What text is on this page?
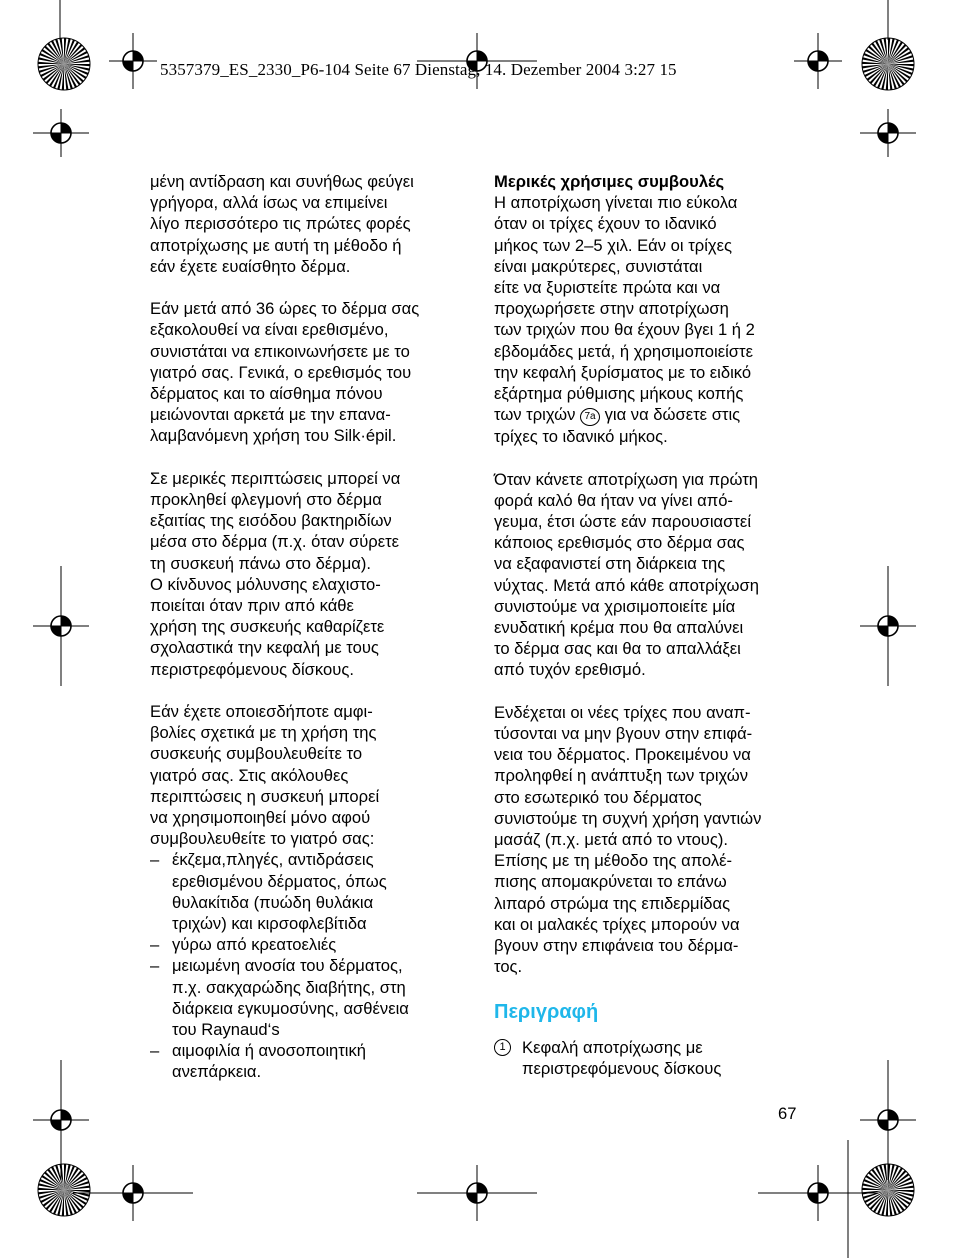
5357379_ES_2330_P6-104 Seite 67 Dienstag, 14. Dezember 2004 3:27 15
μένη αντίδραση και συνήθως φεύγει
γρήγορα, αλλά ίσως να επιμείνει
λίγο περισσότερο τις πρώτες φορές
αποτρίχωσης με αυτή τη μέθοδο ή
εάν έχετε ευαίσθητο δέρμα.
Εάν μετά από 36 ώρες το δέρμα σας
εξακολουθεί να είναι ερεθισμένο,
συνιστάται να επικοινωνήσετε με το
γιατρό σας. Γενικά, ο ερεθισμός του
δέρματος και το αίσθημα πόνου
μειώνονται αρκετά με την επανα-
λαμβανόμενη χρήση του Silk·épil.
Σε μερικές περιπτώσεις μπορεί να
προκληθεί φλεγμονή στο δέρμα
εξαιτίας της εισόδου βακτηριδίων
μέσα στο δέρμα (π.χ. όταν σύρετε
τη συσκευή πάνω στο δέρμα).
Ο κίνδυνος μόλυνσης ελαχιστο-
ποιείται όταν πριν από κάθε
χρήση της συσκευής καθαρίζετε
σχολαστικά την κεφαλή με τους
περιστρεφόμενους δίσκους.
Εάν έχετε οποιεσδήποτε αμφι-
βολίες σχετικά με τη χρήση της
συσκευής συμβουλευθείτε το
γιατρό σας. Στις ακόλουθες
περιπτώσεις η συσκευή μπορεί
να χρησιμοποιηθεί μόνο αφού
συμβουλευθείτε το γιατρό σας:
– έκζεμα,πληγές, αντιδράσεις
ερεθισμένου δέρματος, όπως
θυλακίτιδα (πυώδη θυλάκια
τριχών) και κιρσοφλεβίτιδα
– γύρω από κρεατοελιές
– μειωμένη ανοσία του δέρματος,
π.χ. σακχαρώδης διαβήτης, στη
διάρκεια εγκυμοσύνης, ασθένεια
του Raynaud‘s
– αιμοφιλία ή ανοσοποιητική
ανεπάρκεια.
Μερικές χρήσιμες συμβουλές
Η αποτρίχωση γίνεται πιο εύκολα
όταν οι τρίχες έχουν το ιδανικό
μήκος των 2–5 χιλ. Εάν οι τρίχες
είναι μακρύτερες, συνιστάται
είτε να ξυριστείτε πρώτα και να
προχωρήσετε στην αποτρίχωση
των τριχών που θα έχουν βγει 1 ή 2
εβδομάδες μετά, ή χρησιμοποιείστε
την κεφαλή ξυρίσματος με το ειδικό
εξάρτημα ρύθμισης μήκους κοπής
των τριχών 7a για να δώσετε στις
τρίχες το ιδανικό μήκος.
Όταν κάνετε αποτρίχωση για πρώτη
φορά καλό θα ήταν να γίνει από-
γευμα, έτσι ώστε εάν παρουσιαστεί
κάποιος ερεθισμός στο δέρμα σας
να εξαφανιστεί στη διάρκεια της
νύχτας. Μετά από κάθε αποτρίχωση
συνιστούμε να χρισιμοποιείτε μία
ενυδατική κρέμα που θα απαλύνει
το δέρμα σας και θα το απαλλάξει
από τυχόν ερεθισμό.
Ενδέχεται οι νέες τρίχες που αναπ-
τύσονται να μην βγουν στην επιφά-
νεια του δέρματος. Προκειμένου να
προληφθεί η ανάπτυξη των τριχών
στο εσωτερικό του δέρματος
συνιστούμε τη συχνή χρήση γαντιών
μασάζ (π.χ. μετά από το ντους).
Επίσης με τη μέθοδο της απολέ-
πισης απομακρύνεται το επάνω
λιπαρό στρώμα της επιδερμίδας
και οι μαλακές τρίχες μπορούν να
βγουν στην επιφάνεια του δέρμα-
τος.
Περιγραφή
1 Κεφαλή αποτρίχωσης με
περιστρεφόμενους δίσκους
67
